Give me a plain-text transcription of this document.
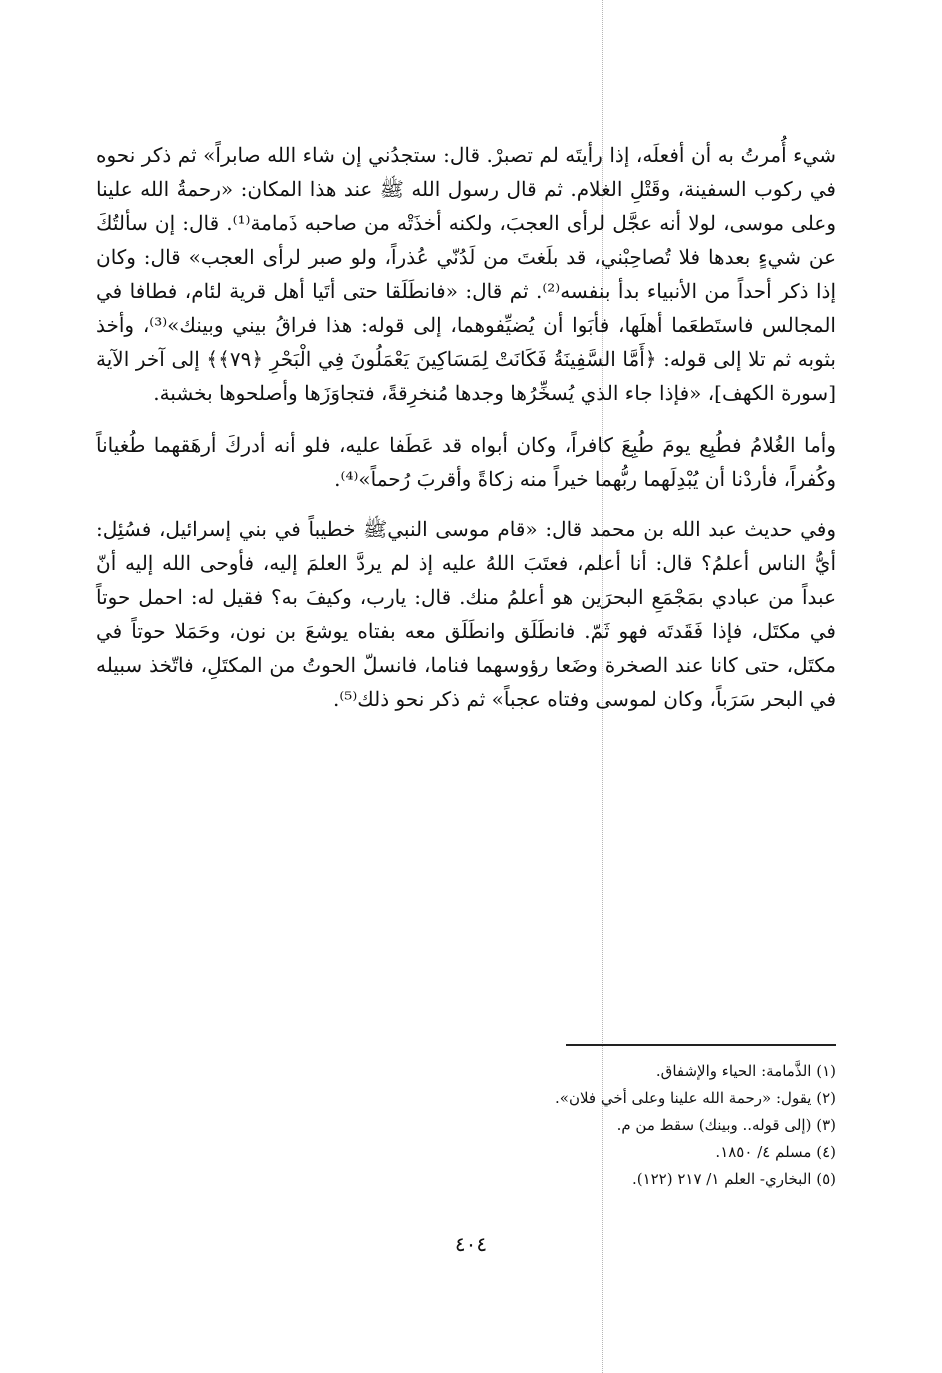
شيء أُمرتُ به أن أفعلَه، إذا رأيتَه لم تصبرْ. قال: ستجدُني إن شاء الله صابراً» ثم ذكر نحوه في ركوب السفينة، وقَتْلِ الغلام. ثم قال رسول الله ﷺ عند هذا المكان: «رحمةُ الله علينا وعلى موسى، لولا أنه عجَّل لرأى العجبَ، ولكنه أخذَتْه من صاحبه ذَمامة⁽¹⁾. قال: إن سألتُكَ عن شيءٍ بعدها فلا تُصاحِبْني، قد بلَغتَ من لَدُنّي عُذراً، ولو صبر لرأى العجب» قال: وكان إذا ذكر أحداً من الأنبياء بدأ بنفسه⁽²⁾. ثم قال: «فانطَلَقا حتى أتَيا أهل قرية لئام، فطافا في المجالس فاستَطعَما أهلَها، فأبَوا أن يُضيِّفوهما، إلى قوله: هذا فراقُ بيني وبينك»⁽³⁾، وأخذ بثوبه ثم تلا إلى قوله: ﴿أَمَّا السَّفِينَةُ فَكَانَتْ لِمَسَاكِينَ يَعْمَلُونَ فِي الْبَحْرِ ﴿٧٩﴾﴾ إلى آخر الآية [سورة الكهف]، «فإذا جاء الذي يُسخِّرُها وجدها مُنخرِقةً، فتجاوَزَها وأصلحوها بخشبة.

وأما الغُلامُ فطُبِع يومَ طُبِعَ كافراً، وكان أبواه قد عَطَفا عليه، فلو أنه أدركَ أرهَقهما طُغياناً وكُفراً، فأردْنا أن يُبْدِلَهما ربُّهما خيراً منه زكاةً وأقربَ رُحماً»⁽⁴⁾.

وفي حديث عبد الله بن محمد قال: «قام موسى النبيﷺ خطيباً في بني إسرائيل، فسُئِل: أيُّ الناس أعلمُ؟ قال: أنا أعلم، فعتَبَ اللهُ عليه إذ لم يردَّ العلمَ إليه، فأوحى الله إليه أنّ عبداً من عبادي بمَجْمَعِ البحرَين هو أعلمُ منك. قال: يارب، وكيفَ به؟ فقيل له: احمل حوتاً في مكتَل، فإذا فَقَدتَه فهو ثَمّ. فانطَلَق وانطَلَق معه بفتاه يوشعَ بن نون، وحَمَلا حوتاً في مكتَل، حتى كانا عند الصخرة وضَعا رؤوسهما فناما، فانسلّ الحوتُ من المكتَلِ، فاتّخذ سبيله في البحر سَرَباً، وكان لموسى وفتاه عجباً» ثم ذكر نحو ذلك⁽⁵⁾.

(١) الذَّمامة: الحياء والإشفاق.
(٢) يقول: «رحمة الله علينا وعلى أخي فلان».
(٣) (إلى قوله.. وبينك) سقط من م.
(٤) مسلم ٤/ ١٨٥٠.
(٥) البخاري- العلم ١/ ٢١٧ (١٢٢).
٤٠٤
